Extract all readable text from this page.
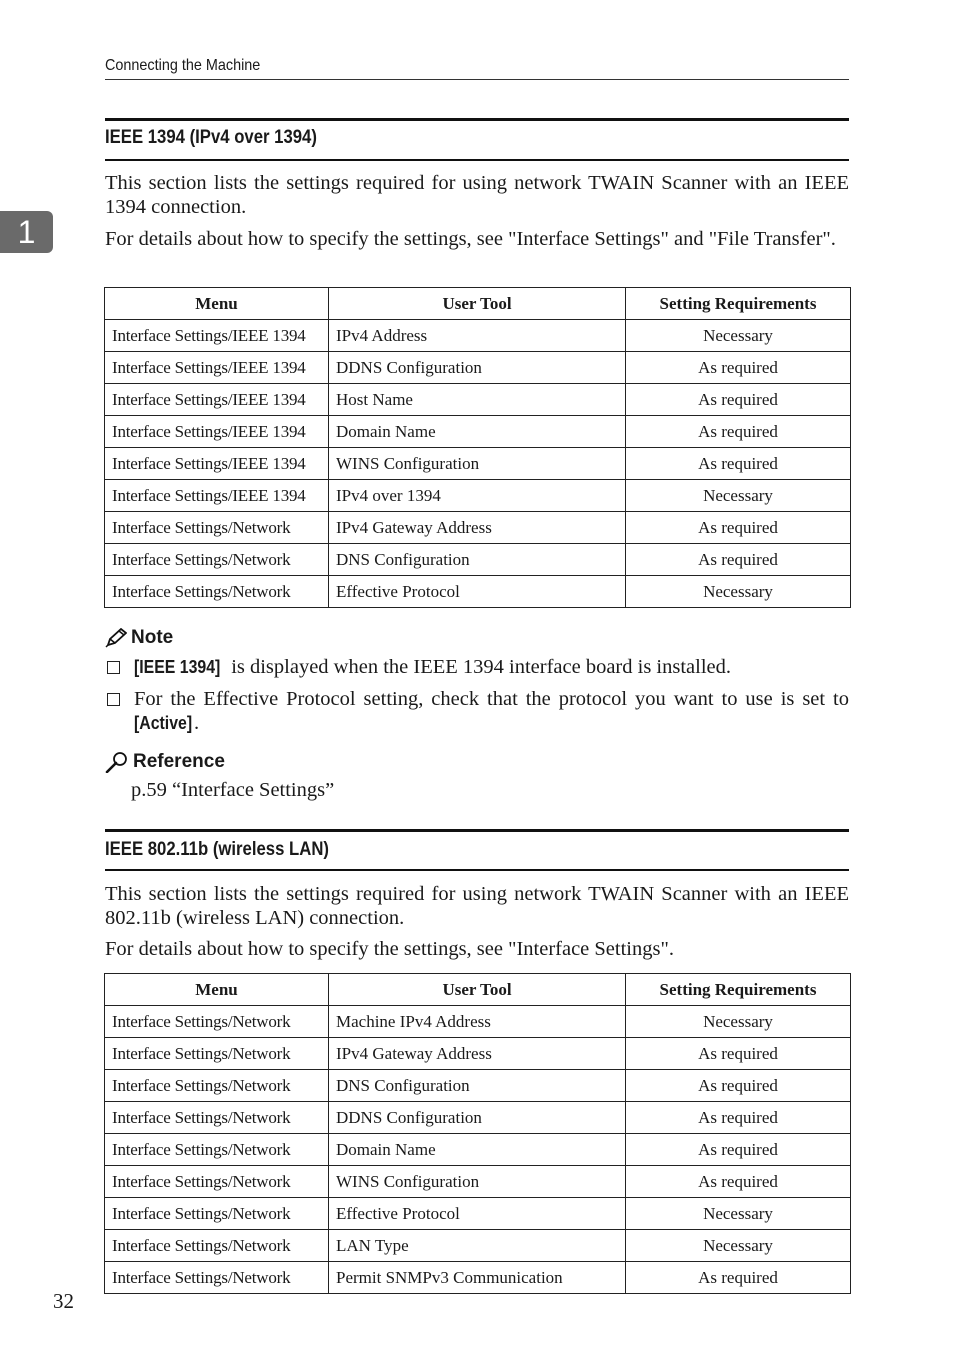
Connecting the Machine
1
IEEE 1394 (IPv4 over 1394)
This section lists the settings required for using network TWAIN Scanner with an IEEE 1394 connection.
For details about how to specify the settings, see "Interface Settings" and "File Transfer".
Menu	User Tool	Setting Requirements
Interface Settings/IEEE 1394	IPv4 Address	Necessary
Interface Settings/IEEE 1394	DDNS Configuration	As required
Interface Settings/IEEE 1394	Host Name	As required
Interface Settings/IEEE 1394	Domain Name	As required
Interface Settings/IEEE 1394	WINS Configuration	As required
Interface Settings/IEEE 1394	IPv4 over 1394	Necessary
Interface Settings/Network	IPv4 Gateway Address	As required
Interface Settings/Network	DNS Configuration	As required
Interface Settings/Network	Effective Protocol	Necessary
Note
[IEEE 1394] is displayed when the IEEE 1394 interface board is installed.
For the Effective Protocol setting, check that the protocol you want to use is set to [Active].
Reference
p.59 “Interface Settings”
IEEE 802.11b (wireless LAN)
This section lists the settings required for using network TWAIN Scanner with an IEEE 802.11b (wireless LAN) connection.
For details about how to specify the settings, see "Interface Settings".
Menu	User Tool	Setting Requirements
Interface Settings/Network	Machine IPv4 Address	Necessary
Interface Settings/Network	IPv4 Gateway Address	As required
Interface Settings/Network	DNS Configuration	As required
Interface Settings/Network	DDNS Configuration	As required
Interface Settings/Network	Domain Name	As required
Interface Settings/Network	WINS Configuration	As required
Interface Settings/Network	Effective Protocol	Necessary
Interface Settings/Network	LAN Type	Necessary
Interface Settings/Network	Permit SNMPv3 Communication	As required
32
